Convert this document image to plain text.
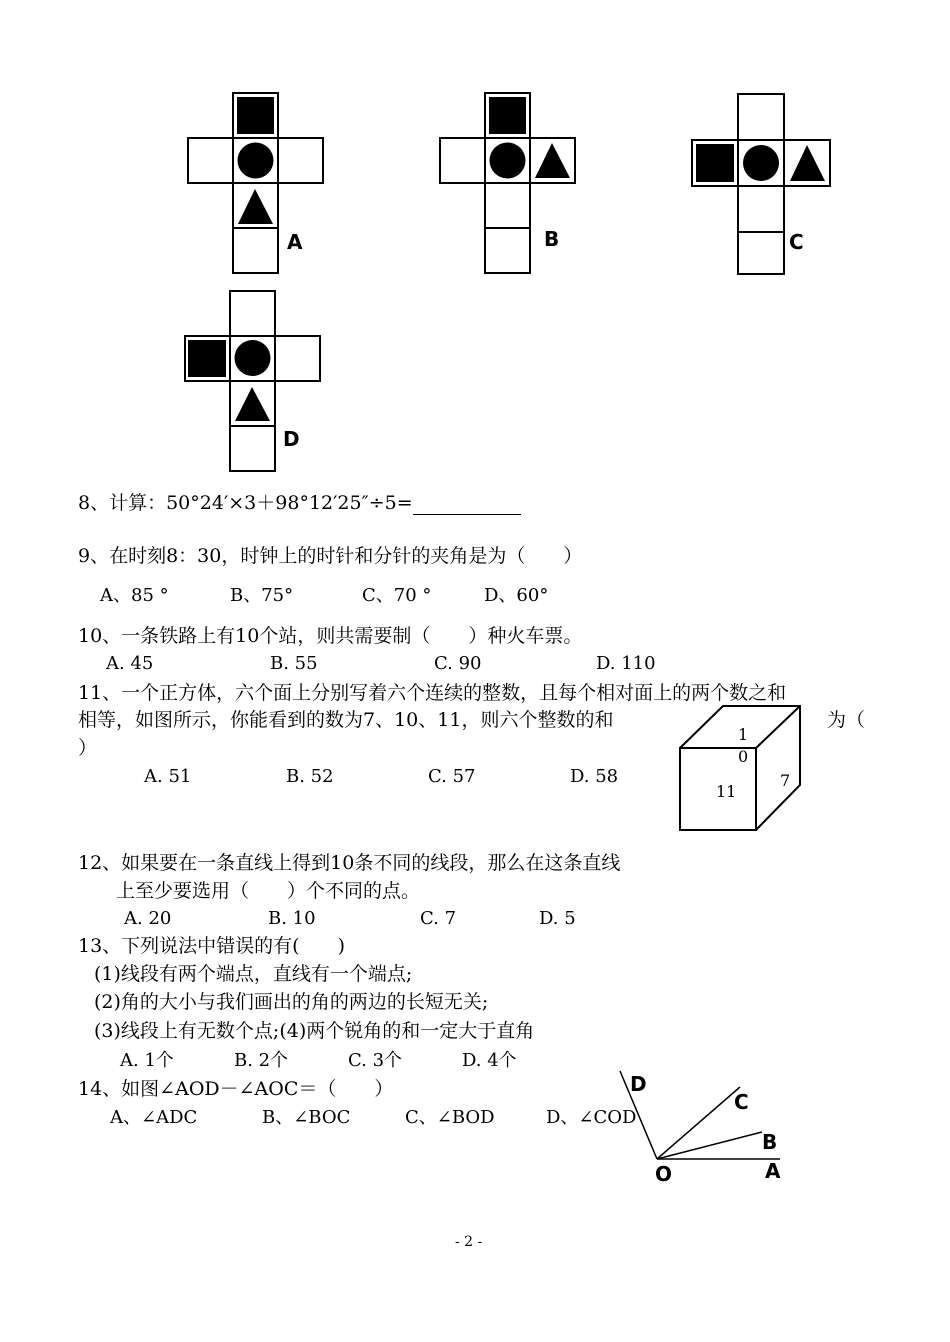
A	B	C
D
1
0
11
7
O	A
B
C
D
8、计算：50°24′×3＋98°12′25″÷5=
9、在时刻8：30，时钟上的时针和分针的夹角是为（　　）
A、85 °	B、75°	C、70 °	D、60°
10、一条铁路上有10个站，则共需要制（　　）种火车票。
A. 45	B. 55	C. 90	D. 110
11、一个正方体，六个面上分别写着六个连续的整数，且每个相对面上的两个数之和
相等，如图所示，你能看到的数为7、10、11，则六个整数的和	为（
）
A. 51	B. 52	C. 57	D. 58
12、如果要在一条直线上得到10条不同的线段，那么在这条直线
上至少要选用（　　）个不同的点。
A. 20	B. 10	C. 7	D. 5
13、下列说法中错误的有(　　)
(1)线段有两个端点，直线有一个端点;
(2)角的大小与我们画出的角的两边的长短无关;
(3)线段上有无数个点;(4)两个锐角的和一定大于直角
A. 1个	B. 2个	C. 3个	D. 4个
14、如图∠AOD－∠AOC＝（　　）
A、∠ADC	B、∠BOC	C、∠BOD	D、∠COD
- 2 -
